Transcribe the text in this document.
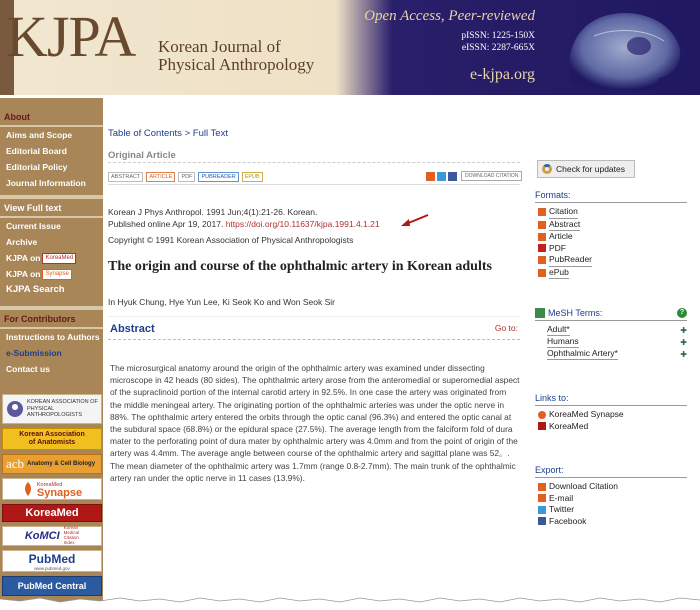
KJPA Korean Journal of
Physical Anthropology
Open Access, Peer-reviewed
pISSN: 1225-150X
eISSN: 2287-665X
e-kjpa.org
About
Aims and Scope
Editorial Board
Editorial Policy
Journal Information
View Full text
Current Issue
Archive
KJPA on KoreaMed
KJPA on Synapse
KJPA Search
For Contributors
Instructions to Authors
e-Submission
Contact us
KOREAN ASSOCIATION OF
PHYSICAL
ANTHROPOLOGISTS
Korean Association
of Anatomists
acb Anatomy & Cell Biology
KoreaMed
Synapse
KoreaMed
KoMCI
Korean
Medical
Citation
Index
PubMed
www.pubmed.gov
PubMed Central
Table of Contents > Full Text
Original Article
ABSTRACT	ARTICLE	PDF	PUBREADER	EPUB	DOWNLOAD CITATION
Korean J Phys Anthropol. 1991 Jun;4(1):21-26. Korean.
Published online Apr 19, 2017. https://doi.org/10.11637/kjpa.1991.4.1.21
Copyright © 1991 Korean Association of Physical Anthropologists
The origin and course of the ophthalmic artery in Korean adults
In Hyuk Chung, Hye Yun Lee, Ki Seok Ko and Won Seok Sir
Abstract	Go to:
The microsurgical anatomy around the origin of the ophthalmic artery was examined under dissecting microscope in 42 heads (80 sides). The ophthalmic artery arose from the anteromedial or superomedial aspect of the supraclinoid portion of the internal carotid artery in 92.5%. In one case the artery was originated from the middle meningeal artery. The originating portion of the ophthalmic arteries was under the optic nerve in 88%. The ophthalmic artery entered the orbits through the optic canal (96.3%) and entered the optic canal at the subdural space (68.8%) or the epidural space (27.5%). The average length from the falciform fold of dura mater to the perforating point of dura mater by ophthalmic artery was 4.0mm and from the point of origin of the artery was 4.4mm. The average angle between course of the ophthalmic artery and sagittal plane was 52。. The mean diameter of the ophthalmic artery was 1.7mm (range 0.8-2.7mm). The main trunk of the ophthalmic artery ran under the optic nerve in 11 cases (13.9%).
Check for updates
Formats:
Citation
Abstract
Article
PDF
PubReader
ePub
MeSH Terms:	?
Adult*	✚
Humans	✚
Ophthalmic Artery*	✚
Links to:
KoreaMed Synapse
KoreaMed
Export:
Download Citation
E-mail
Twitter
Facebook
